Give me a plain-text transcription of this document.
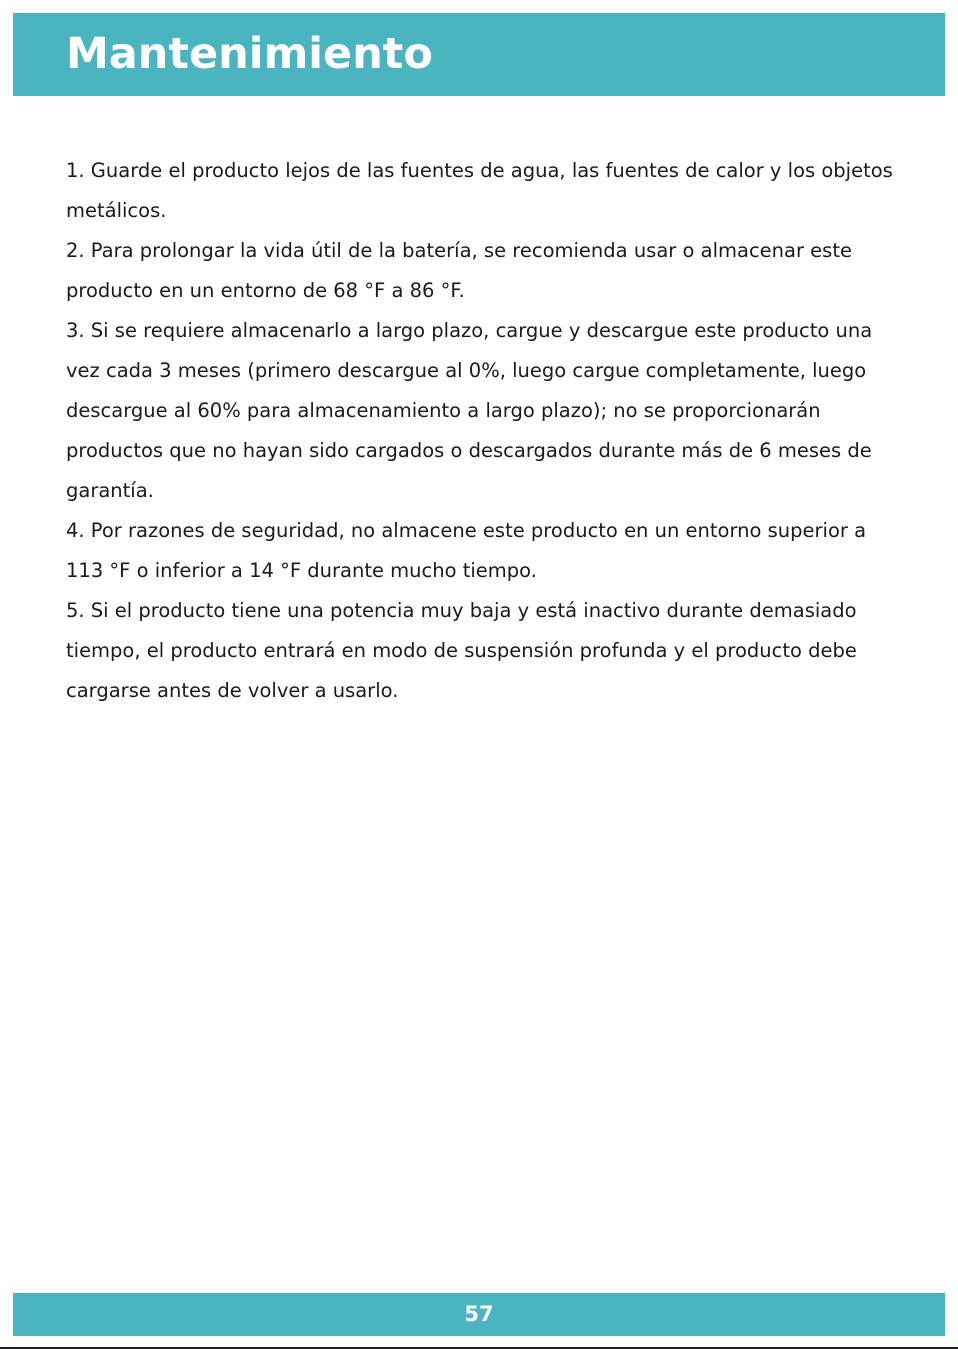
Mantenimiento

1. Guarde el producto lejos de las fuentes de agua, las fuentes de calor y los objetos metálicos.

2. Para prolongar la vida útil de la batería, se recomienda usar o almacenar este producto en un entorno de 68 °F a 86 °F.

3. Si se requiere almacenarlo a largo plazo, cargue y descargue este producto una vez cada 3 meses (primero descargue al 0%, luego cargue completamente, luego descargue al 60% para almacenamiento a largo plazo); no se proporcionarán productos que no hayan sido cargados o descargados durante más de 6 meses de garantía.

4. Por razones de seguridad, no almacene este producto en un entorno superior a 113 °F o inferior a 14 °F durante mucho tiempo.

5. Si el producto tiene una potencia muy baja y está inactivo durante demasiado tiempo, el producto entrará en modo de suspensión profunda y el producto debe cargarse antes de volver a usarlo.

57
